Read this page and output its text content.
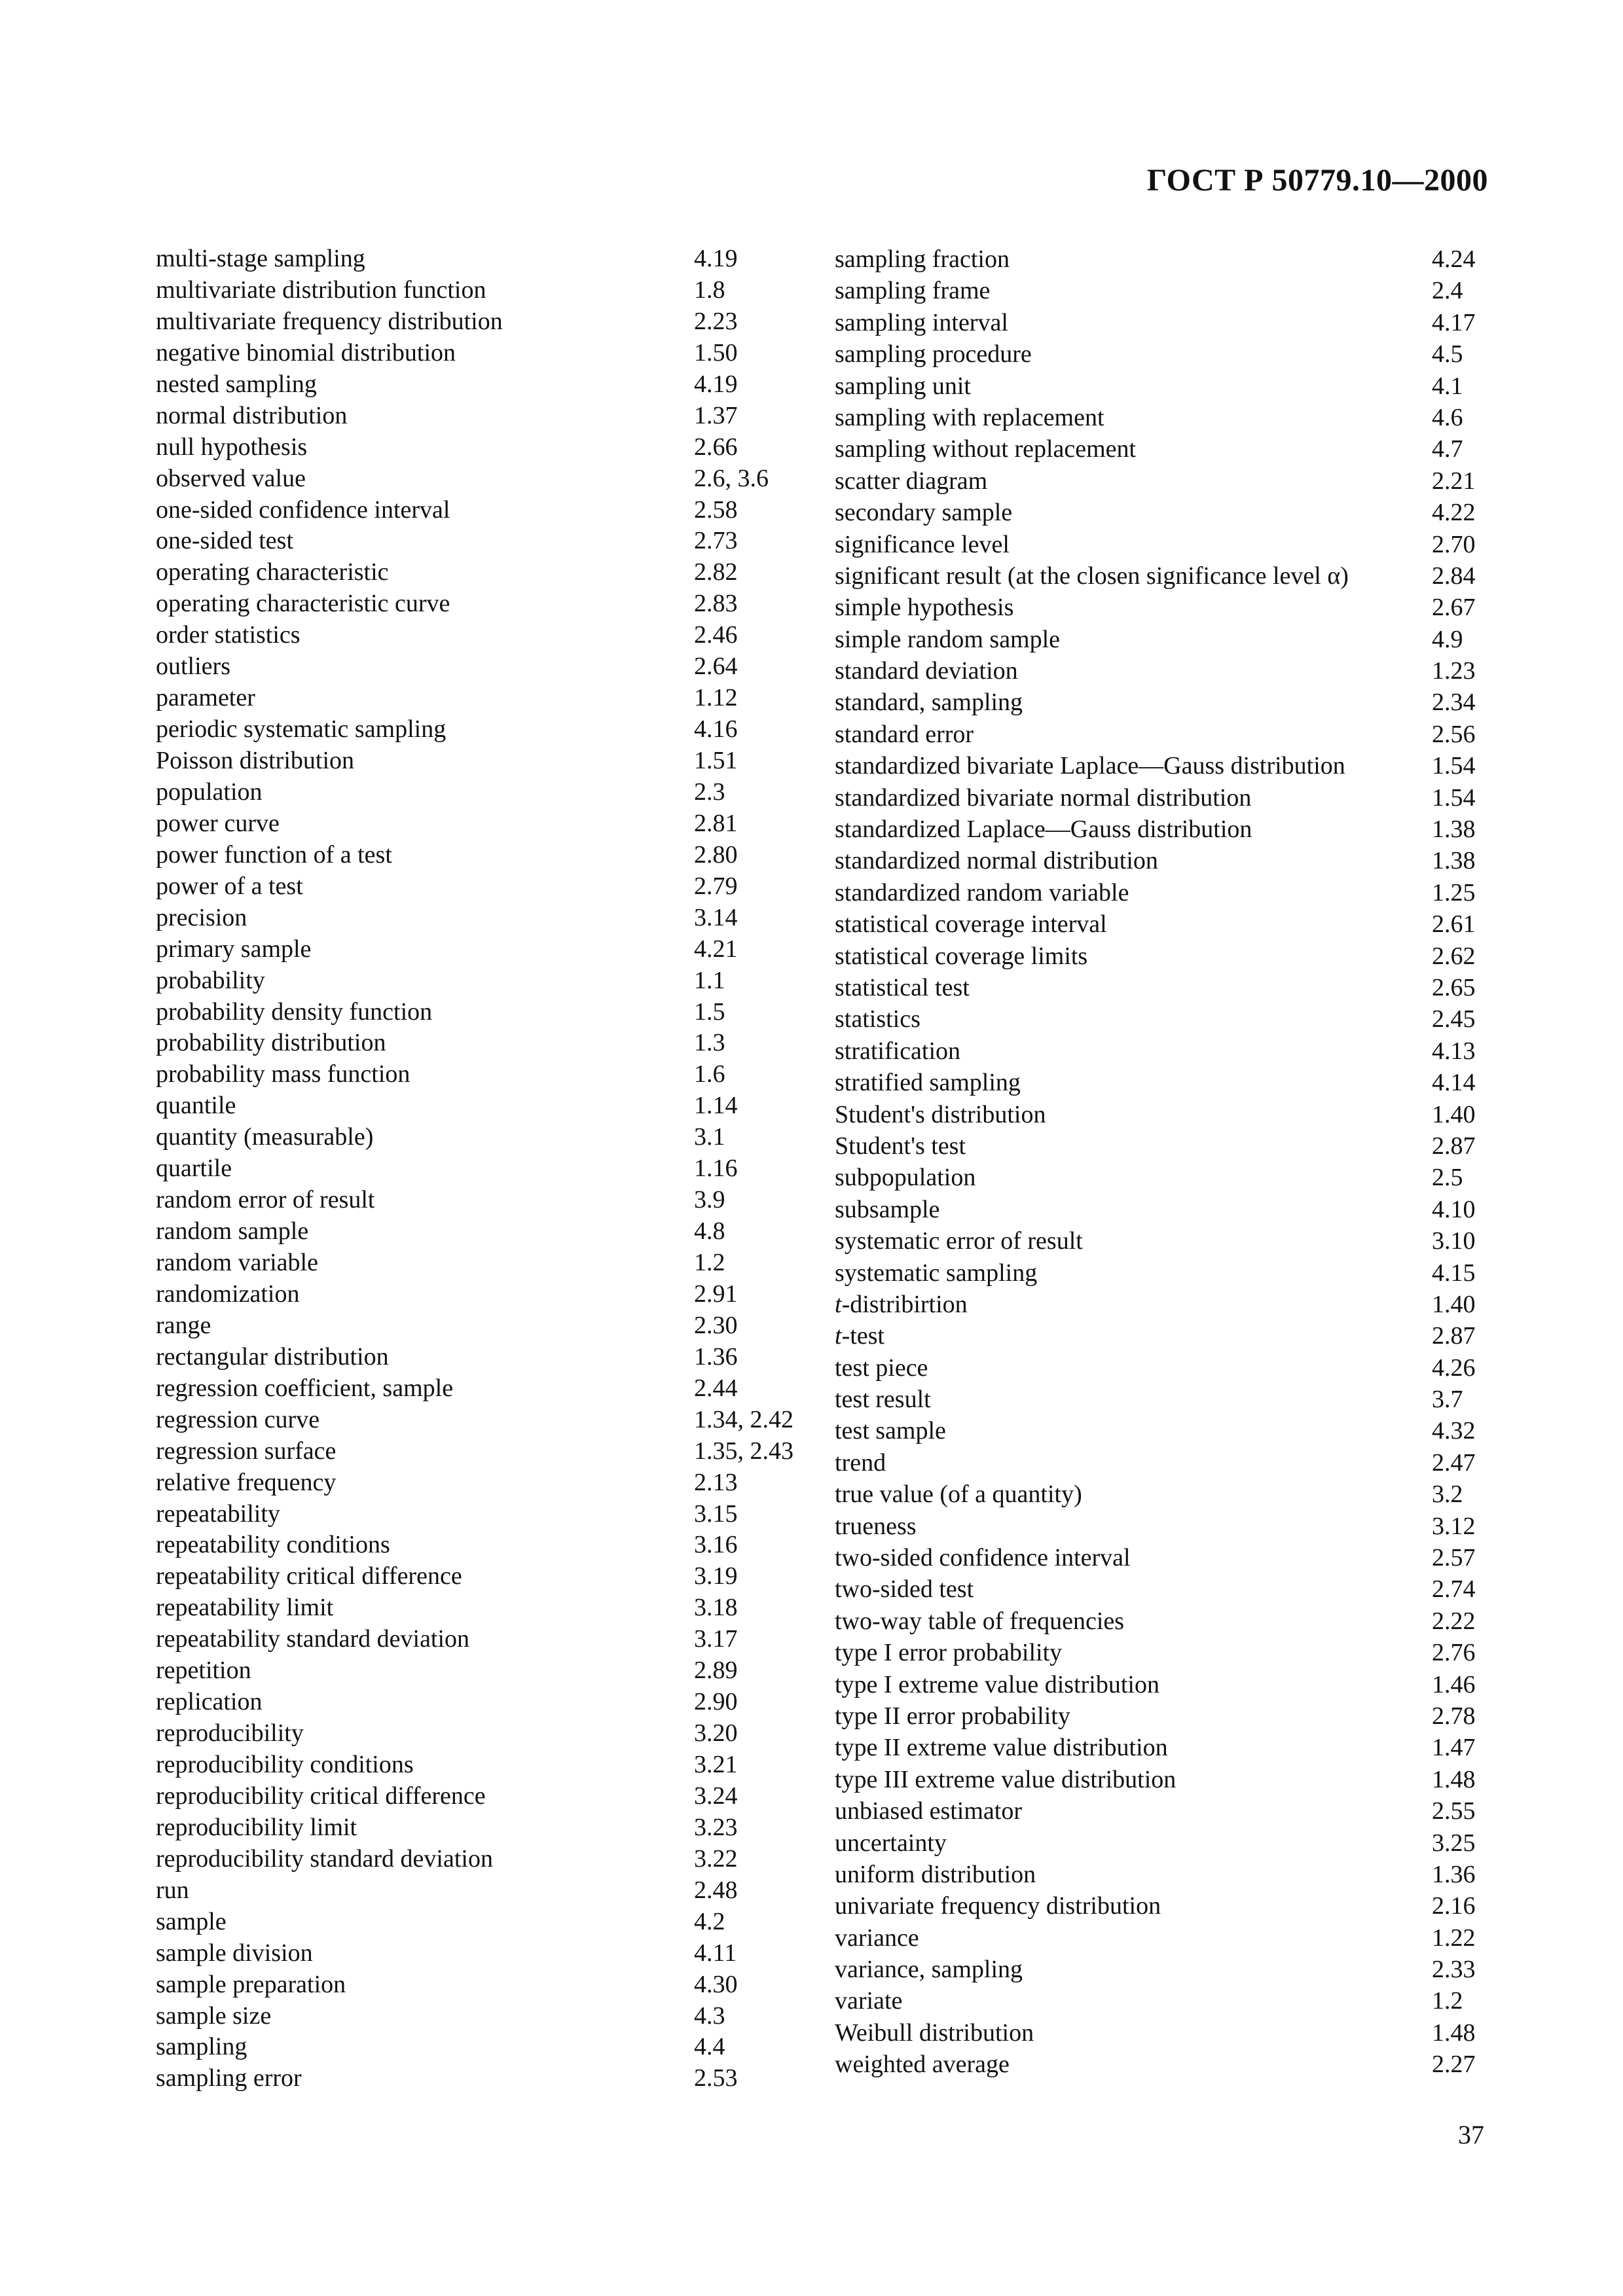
ГОСТ Р 50779.10—2000
multi-stage sampling	4.19
multivariate distribution function	1.8
multivariate frequency distribution	2.23
negative binomial distribution	1.50
nested sampling	4.19
normal distribution	1.37
null hypothesis	2.66
observed value	2.6, 3.6
one-sided confidence interval	2.58
one-sided test	2.73
operating characteristic	2.82
operating characteristic curve	2.83
order statistics	2.46
outliers	2.64
parameter	1.12
periodic systematic sampling	4.16
Poisson distribution	1.51
population	2.3
power curve	2.81
power function of a test	2.80
power of a test	2.79
precision	3.14
primary sample	4.21
probability	1.1
probability density function	1.5
probability distribution	1.3
probability mass function	1.6
quantile	1.14
quantity (measurable)	3.1
quartile	1.16
random error of result	3.9
random sample	4.8
random variable	1.2
randomization	2.91
range	2.30
rectangular distribution	1.36
regression coefficient, sample	2.44
regression curve	1.34, 2.42
regression surface	1.35, 2.43
relative frequency	2.13
repeatability	3.15
repeatability conditions	3.16
repeatability critical difference	3.19
repeatability limit	3.18
repeatability standard deviation	3.17
repetition	2.89
replication	2.90
reproducibility	3.20
reproducibility conditions	3.21
reproducibility critical difference	3.24
reproducibility limit	3.23
reproducibility standard deviation	3.22
run	2.48
sample	4.2
sample division	4.11
sample preparation	4.30
sample size	4.3
sampling	4.4
sampling error	2.53
sampling fraction	4.24
sampling frame	2.4
sampling interval	4.17
sampling procedure	4.5
sampling unit	4.1
sampling with replacement	4.6
sampling without replacement	4.7
scatter diagram	2.21
secondary sample	4.22
significance level	2.70
significant result (at the closen significance level α)	2.84
simple hypothesis	2.67
simple random sample	4.9
standard deviation	1.23
standard, sampling	2.34
standard error	2.56
standardized bivariate Laplace—Gauss distribution	1.54
standardized bivariate normal distribution	1.54
standardized Laplace—Gauss distribution	1.38
standardized normal distribution	1.38
standardized random variable	1.25
statistical coverage interval	2.61
statistical coverage limits	2.62
statistical test	2.65
statistics	2.45
stratification	4.13
stratified sampling	4.14
Student's distribution	1.40
Student's test	2.87
subpopulation	2.5
subsample	4.10
systematic error of result	3.10
systematic sampling	4.15
t-distribirtion	1.40
t-test	2.87
test piece	4.26
test result	3.7
test sample	4.32
trend	2.47
true value (of a quantity)	3.2
trueness	3.12
two-sided confidence interval	2.57
two-sided test	2.74
two-way table of frequencies	2.22
type I error probability	2.76
type I extreme value distribution	1.46
type II error probability	2.78
type II extreme value distribution	1.47
type III extreme value distribution	1.48
unbiased estimator	2.55
uncertainty	3.25
uniform distribution	1.36
univariate frequency distribution	2.16
variance	1.22
variance, sampling	2.33
variate	1.2
Weibull distribution	1.48
weighted average	2.27
37
